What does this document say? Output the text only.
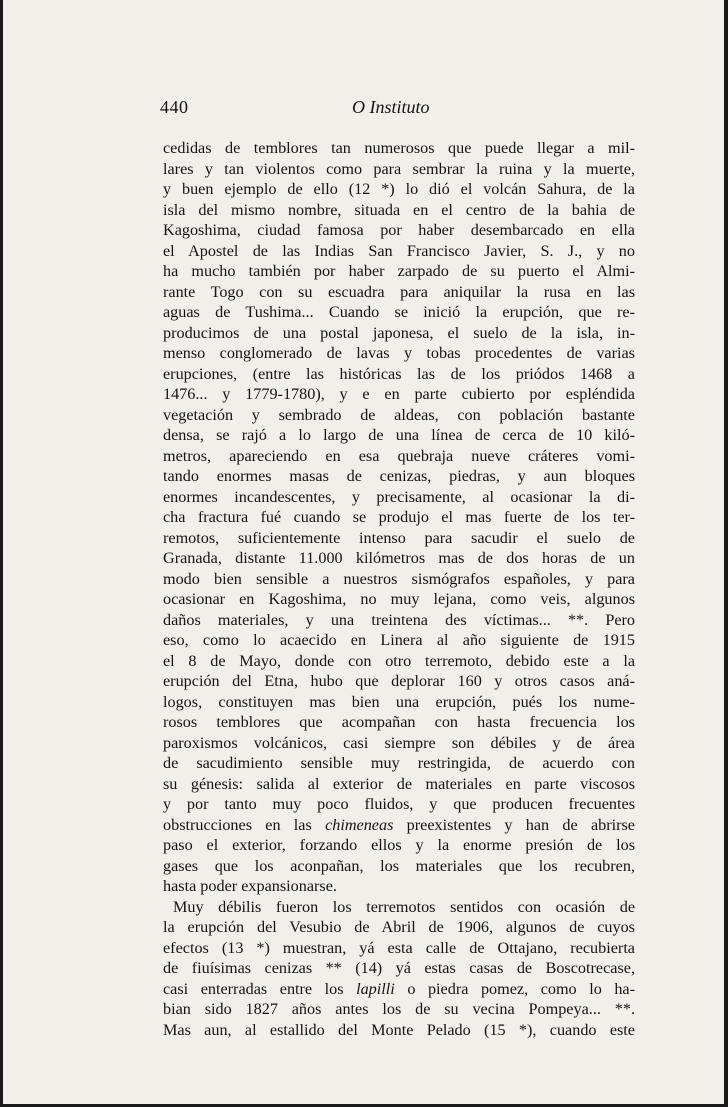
440	O Instituto
cedidas de temblores tan numerosos que puede llegar a mil-
lares y tan violentos como para sembrar la ruina y la muerte,
y buen ejemplo de ello (12 *) lo dió el volcán Sahura, de la
isla del mismo nombre, situada en el centro de la bahia de
Kagoshima, ciudad famosa por haber desembarcado en ella
el Apostel de las Indias San Francisco Javier, S. J., y no
ha mucho también por haber zarpado de su puerto el Almi-
rante Togo con su escuadra para aniquilar la rusa en las
aguas de Tushima... Cuando se inició la erupción, que re-
producimos de una postal japonesa, el suelo de la isla, in-
menso conglomerado de lavas y tobas procedentes de varias
erupciones, (entre las históricas las de los priódos 1468 a
1476... y 1779-1780), y e en parte cubierto por espléndida
vegetación y sembrado de aldeas, con población bastante
densa, se rajó a lo largo de una línea de cerca de 10 kiló-
metros, apareciendo en esa quebraja nueve cráteres vomi-
tando enormes masas de cenizas, piedras, y aun bloques
enormes incandescentes, y precisamente, al ocasionar la di-
cha fractura fué cuando se produjo el mas fuerte de los ter-
remotos, suficientemente intenso para sacudir el suelo de
Granada, distante 11.000 kilómetros mas de dos horas de un
modo bien sensible a nuestros sismógrafos españoles, y para
ocasionar en Kagoshima, no muy lejana, como veis, algunos
daños materiales, y una treintena des víctimas... **. Pero
eso, como lo acaecido en Linera al año siguiente de 1915
el 8 de Mayo, donde con otro terremoto, debido este a la
erupción del Etna, hubo que deplorar 160 y otros casos aná-
logos, constituyen mas bien una erupción, pués los nume-
rosos temblores que acompañan con hasta frecuencia los
paroxismos volcánicos, casi siempre son débiles y de área
de sacudimiento sensible muy restringida, de acuerdo con
su génesis: salida al exterior de materiales en parte viscosos
y por tanto muy poco fluidos, y que producen frecuentes
obstrucciones en las chimeneas preexistentes y han de abrirse
paso el exterior, forzando ellos y la enorme presión de los
gases que los aconpañan, los materiales que los recubren,
hasta poder expansionarse.
Muy débilis fueron los terremotos sentidos con ocasión de
la erupción del Vesubio de Abril de 1906, algunos de cuyos
efectos (13 *) muestran, yá esta calle de Ottajano, recubierta
de fiuísimas cenizas ** (14) yá estas casas de Boscotrecase,
casi enterradas entre los lapilli o piedra pomez, como lo ha-
bian sido 1827 años antes los de su vecina Pompeya... **.
Mas aun, al estallido del Monte Pelado (15 *), cuando este
